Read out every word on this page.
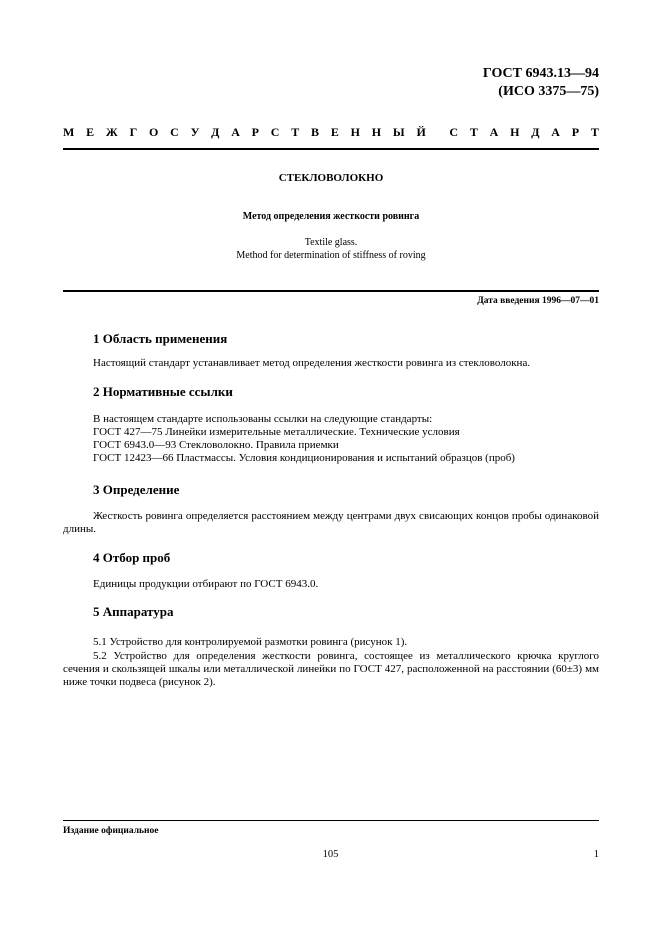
ГОСТ 6943.13—94
(ИСО 3375—75)
М Е Ж Г О С У Д А Р С Т В Е Н Н Ы Й С Т А Н Д А Р Т
СТЕКЛОВОЛОКНО
Метод определения жесткости ровинга
Textile glass.
Method for determination of stiffness of roving
Дата введения 1996—07—01
1 Область применения
Настоящий стандарт устанавливает метод определения жесткости ровинга из стекловолокна.
2 Нормативные ссылки
В настоящем стандарте использованы ссылки на следующие стандарты:
ГОСТ 427—75 Линейки измерительные металлические. Технические условия
ГОСТ 6943.0—93 Стекловолокно. Правила приемки
ГОСТ 12423—66 Пластмассы. Условия кондиционирования и испытаний образцов (проб)
3 Определение
Жесткость ровинга определяется расстоянием между центрами двух свисающих концов пробы одинаковой длины.
4 Отбор проб
Единицы продукции отбирают по ГОСТ 6943.0.
5 Аппаратура
5.1 Устройство для контролируемой размотки ровинга (рисунок 1).
5.2 Устройство для определения жесткости ровинга, состоящее из металлического крючка круглого сечения и скользящей шкалы или металлической линейки по ГОСТ 427, расположенной на расстоянии (60±3) мм ниже точки подвеса (рисунок 2).
Издание официальное
105	1
